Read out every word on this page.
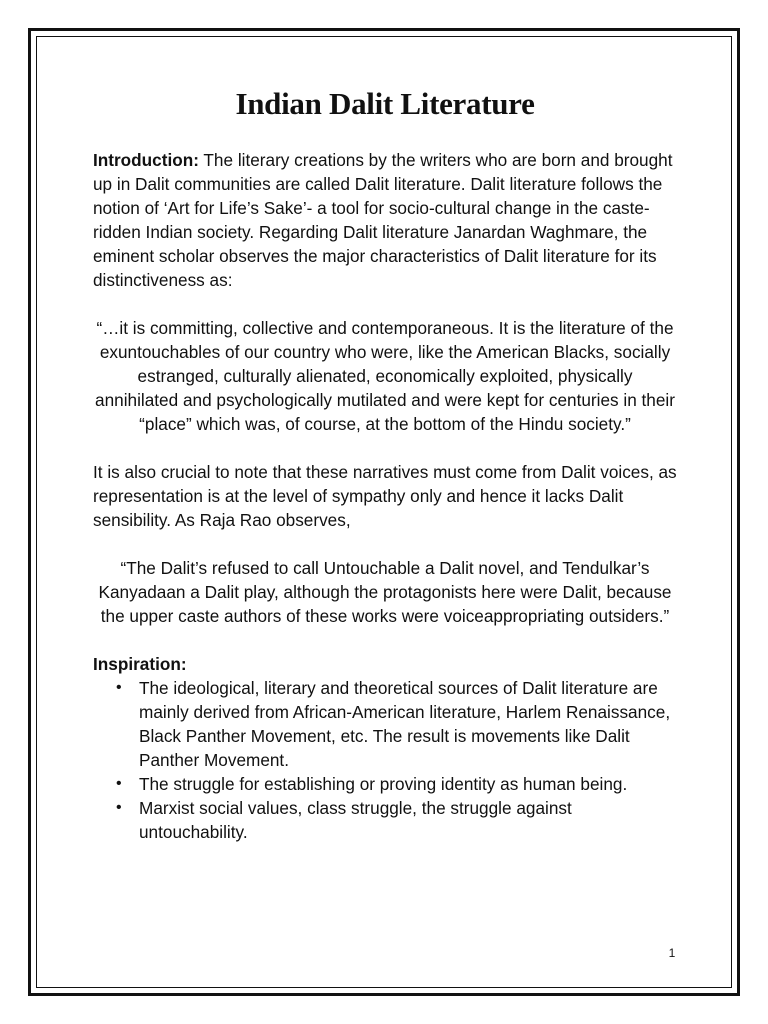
Indian Dalit Literature

Introduction: The literary creations by the writers who are born and brought up in Dalit communities are called Dalit literature. Dalit literature follows the notion of ‘Art for Life’s Sake’- a tool for socio-cultural change in the caste-ridden Indian society. Regarding Dalit literature Janardan Waghmare, the eminent scholar observes the major characteristics of Dalit literature for its distinctiveness as:

“…it is committing, collective and contemporaneous. It is the literature of the exuntouchables of our country who were, like the American Blacks, socially estranged, culturally alienated, economically exploited, physically annihilated and psychologically mutilated and were kept for centuries in their “place” which was, of course, at the bottom of the Hindu society.”

It is also crucial to note that these narratives must come from Dalit voices, as representation is at the level of sympathy only and hence it lacks Dalit sensibility. As Raja Rao observes,

“The Dalit’s refused to call Untouchable a Dalit novel, and Tendulkar’s Kanyadaan a Dalit play, although the protagonists here were Dalit, because the upper caste authors of these works were voiceappropriating outsiders.”

Inspiration:

• The ideological, literary and theoretical sources of Dalit literature are mainly derived from African-American literature, Harlem Renaissance, Black Panther Movement, etc. The result is movements like Dalit Panther Movement.
• The struggle for establishing or proving identity as human being.
• Marxist social values, class struggle, the struggle against untouchability.
1
